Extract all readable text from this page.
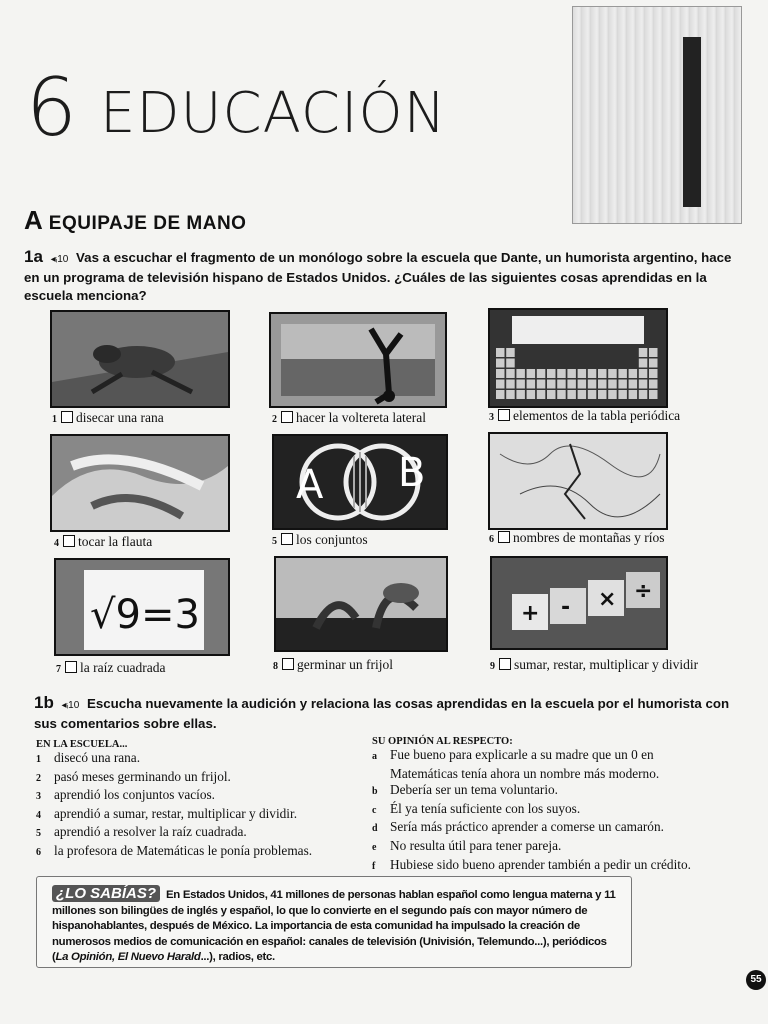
6 EDUCACIÓN
A EQUIPAJE DE MANO
1a ◂ᵢ10 Vas a escuchar el fragmento de un monólogo sobre la escuela que Dante, un humorista argentino, hace en un programa de televisión hispano de Estados Unidos. ¿Cuáles de las siguientes cosas aprendidas en la escuela menciona?
1 disecar una rana	2 hacer la voltereta lateral	3 elementos de la tabla periódica
A B
4 tocar la flauta	5 los conjuntos	6 nombres de montañas y ríos
√9=3	+ - × ÷
7 la raíz cuadrada	8 germinar un frijol	9 sumar, restar, multiplicar y dividir
1b ◂ᵢ10 Escucha nuevamente la audición y relaciona las cosas aprendidas en la escuela por el humorista con sus comentarios sobre ellas.
EN LA ESCUELA...
1 disecó una rana.
2 pasó meses germinando un frijol.
3 aprendió los conjuntos vacíos.
4 aprendió a sumar, restar, multiplicar y dividir.
5 aprendió a resolver la raíz cuadrada.
6 la profesora de Matemáticas le ponía problemas.
SU OPINIÓN AL RESPECTO:
a Fue bueno para explicarle a su madre que un 0 en
Matemáticas tenía ahora un nombre más moderno.
b Debería ser un tema voluntario.
c Él ya tenía suficiente con los suyos.
d Sería más práctico aprender a comerse un camarón.
e No resulta útil para tener pareja.
f Hubiese sido bueno aprender también a pedir un crédito.
¿LO SABÍAS? En Estados Unidos, 41 millones de personas hablan español como lengua materna y 11 millones son bilingües de inglés y español, lo que lo convierte en el segundo país con mayor número de hispanohablantes, después de México. La importancia de esta comunidad ha impulsado la creación de numerosos medios de comunicación en español: canales de televisión (Univisión, Telemundo...), periódicos (La Opinión, El Nuevo Harald...), radios, etc.
55
